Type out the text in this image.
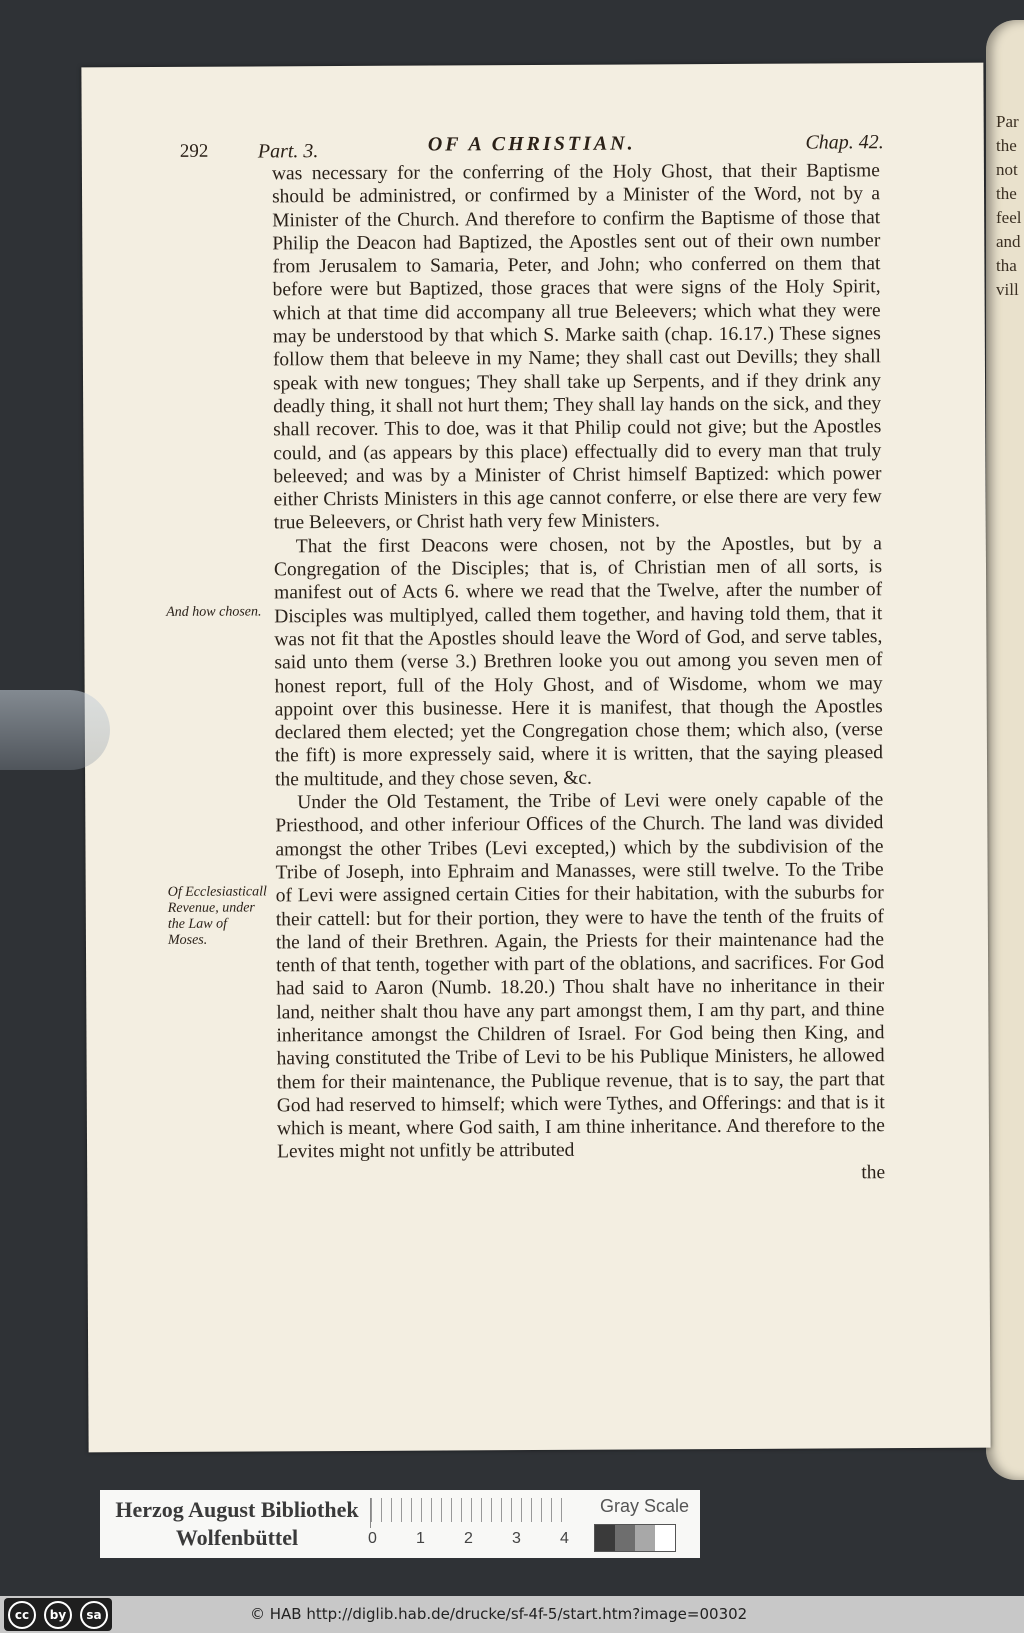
Par the not the feel and tha vill
292 Part. 3.	OF A CHRISTIAN.	Chap. 42.

was necessary for the conferring of the Holy Ghost, that their Baptisme should be administred, or confirmed by a Minister of the Word, not by a Minister of the Church. And therefore to confirm the Baptisme of those that Philip the Deacon had Baptized, the Apostles sent out of their own number from Jerusalem to Samaria, Peter, and John; who conferred on them that before were but Baptized, those graces that were signs of the Holy Spirit, which at that time did accompany all true Beleevers; which what they were may be understood by that which S. Marke saith (chap. 16.17.) These signes follow them that beleeve in my Name; they shall cast out Devills; they shall speak with new tongues; They shall take up Serpents, and if they drink any deadly thing, it shall not hurt them; They shall lay hands on the sick, and they shall recover. This to doe, was it that Philip could not give; but the Apostles could, and (as appears by this place) effectually did to every man that truly beleeved; and was by a Minister of Christ himself Baptized: which power either Christs Ministers in this age cannot conferre, or else there are very few true Beleevers, or Christ hath very few Ministers.

That the first Deacons were chosen, not by the Apostles, but by a Congregation of the Disciples; that is, of Christian men of all sorts, is manifest out of Acts 6. where we read that the Twelve, after the number of Disciples was multiplyed, called them together, and having told them, that it was not fit that the Apostles should leave the Word of God, and serve tables, said unto them (verse 3.) Brethren looke you out among you seven men of honest report, full of the Holy Ghost, and of Wisdome, whom we may appoint over this businesse. Here it is manifest, that though the Apostles declared them elected; yet the Congregation chose them; which also, (verse the fift) is more expressely said, where it is written, that the saying pleased the multitude, and they chose seven, &c.

Under the Old Testament, the Tribe of Levi were onely capable of the Priesthood, and other inferiour Offices of the Church. The land was divided amongst the other Tribes (Levi excepted,) which by the subdivision of the Tribe of Joseph, into Ephraim and Manasses, were still twelve. To the Tribe of Levi were assigned certain Cities for their habitation, with the suburbs for their cattell: but for their portion, they were to have the tenth of the fruits of the land of their Brethren. Again, the Priests for their maintenance had the tenth of that tenth, together with part of the oblations, and sacrifices. For God had said to Aaron (Numb. 18.20.) Thou shalt have no inheritance in their land, neither shalt thou have any part amongst them, I am thy part, and thine inheritance amongst the Children of Israel. For God being then King, and having constituted the Tribe of Levi to be his Publique Ministers, he allowed them for their maintenance, the Publique revenue, that is to say, the part that God had reserved to himself; which were Tythes, and Offerings: and that is it which is meant, where God saith, I am thine inheritance. And therefore to the Levites might not unfitly be attributed

the

And how chosen.
Of Ecclesiasticall Revenue, under the Law of Moses.
Herzog August Bibliothek
Wolfenbüttel	0 1 2 3 4
Gray Scale
cc	by	sa	© HAB http://diglib.hab.de/drucke/sf-4f-5/start.htm?image=00302
